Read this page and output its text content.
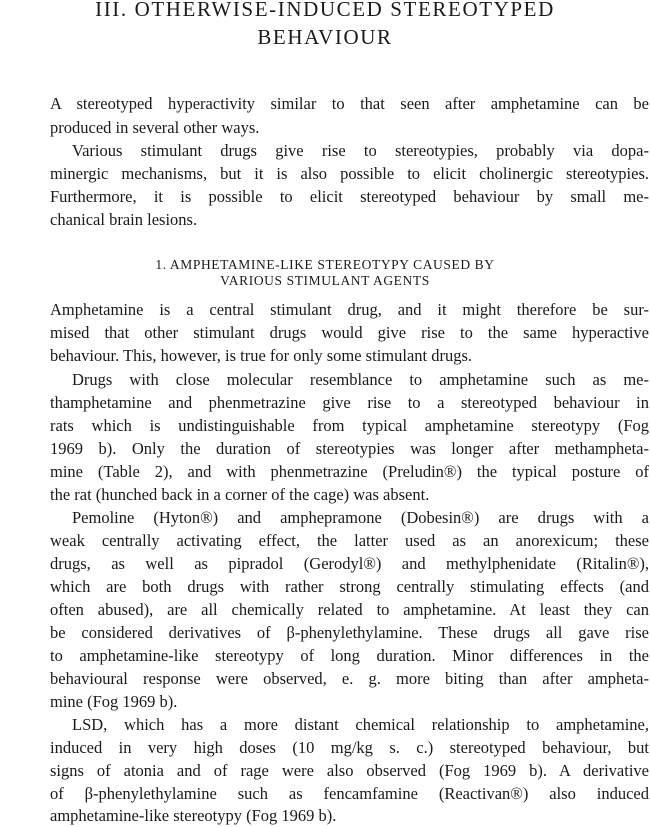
III. OTHERWISE-INDUCED STEREOTYPED
BEHAVIOUR

A stereotyped hyperactivity similar to that seen after amphetamine can be

produced in several other ways.

Various stimulant drugs give rise to stereotypies, probably via dopa-

minergic mechanisms, but it is also possible to elicit cholinergic stereotypies.

Furthermore, it is possible to elicit stereotyped behaviour by small me-

chanical brain lesions.

1. AMPHETAMINE-LIKE STEREOTYPY CAUSED BY
VARIOUS STIMULANT AGENTS

Amphetamine is a central stimulant drug, and it might therefore be sur-

mised that other stimulant drugs would give rise to the same hyperactive

behaviour. This, however, is true for only some stimulant drugs.

Drugs with close molecular resemblance to amphetamine such as me-

thamphetamine and phenmetrazine give rise to a stereotyped behaviour in

rats which is undistinguishable from typical amphetamine stereotypy (Fog

1969 b). Only the duration of stereotypies was longer after methampheta-

mine (Table 2), and with phenmetrazine (Preludin®) the typical posture of

the rat (hunched back in a corner of the cage) was absent.

Pemoline (Hyton®) and amphepramone (Dobesin®) are drugs with a

weak centrally activating effect, the latter used as an anorexicum; these

drugs, as well as pipradol (Gerodyl®) and methylphenidate (Ritalin®),

which are both drugs with rather strong centrally stimulating effects (and

often abused), are all chemically related to amphetamine. At least they can

be considered derivatives of β-phenylethylamine. These drugs all gave rise

to amphetamine-like stereotypy of long duration. Minor differences in the

behavioural response were observed, e. g. more biting than after ampheta-

mine (Fog 1969 b).

LSD, which has a more distant chemical relationship to amphetamine,

induced in very high doses (10 mg/kg s. c.) stereotyped behaviour, but

signs of atonia and of rage were also observed (Fog 1969 b). A derivative

of β-phenylethylamine such as fencamfamine (Reactivan®) also induced

amphetamine-like stereotypy (Fog 1969 b).
